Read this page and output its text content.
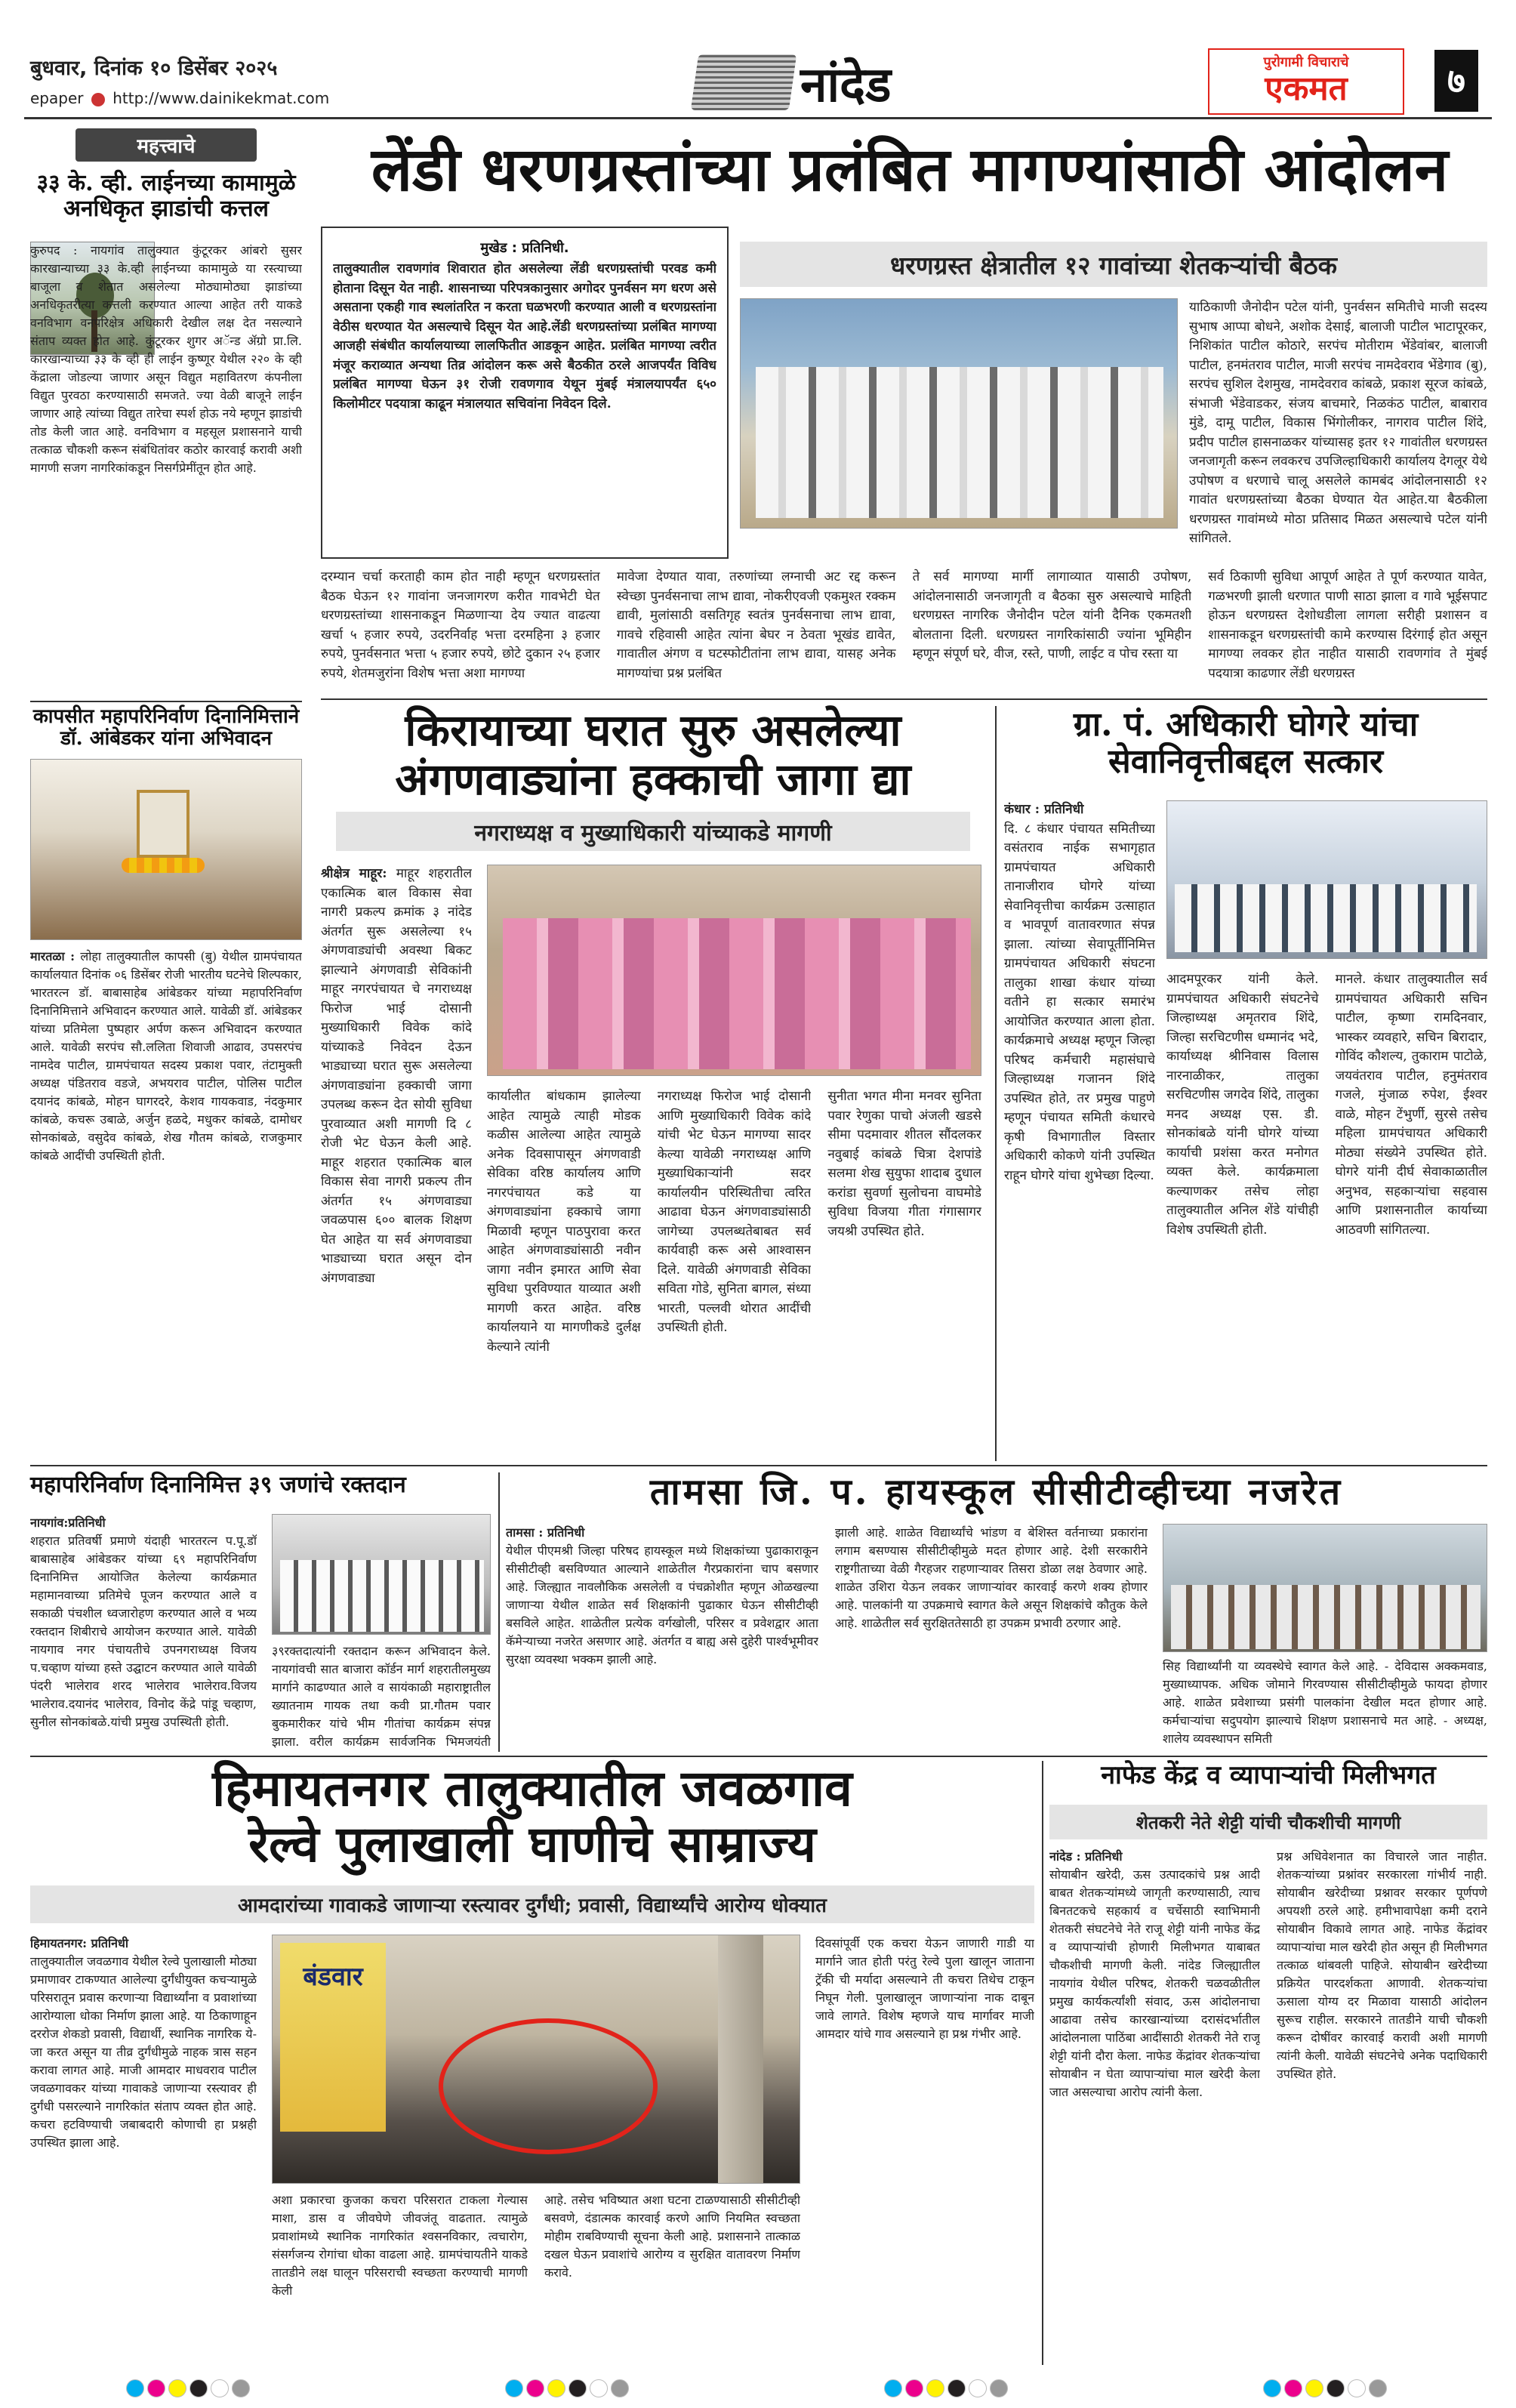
बुधवार, दिनांक १० डिसेंबर २०२५
epaper http://www.dainikekmat.com	नांदेड	पुरोगामी विचाराचे
एकमत	७
महत्त्वाचे
३३ के. व्ही. लाईनच्या कामामुळे अनधिकृत झाडांची कत्तल
कुरुपद : नायगांव तालुक्यात कुंटूरकर आंबरो सुसर कारखान्याच्या ३३ के.व्ही लाईनच्या कामामुळे या रस्त्याच्या बाजूला व शेतात असलेल्या मोठ्यामोठ्या झाडांच्या अनधिकृतरीत्या कत्तली करण्यात आल्या आहेत तरी याकडे वनविभाग वनपरिक्षेत्र अधिकारी देखील लक्ष देत नसल्याने संताप व्यक्त होत आहे. कुंटूरकर शुगर अॅन्ड ॲग्रो प्रा.लि. कारखान्याच्या ३३ के व्ही ही लाईन कुष्णूर येथील २२० के व्ही केंद्राला जोडल्या जाणार असून विद्युत महावितरण कंपनीला विद्युत पुरवठा करण्यासाठी समजते. ज्या वेळी बाजूने लाईन जाणार आहे त्यांच्या विद्युत तारेचा स्पर्श होऊ नये म्हणून झाडांची तोड केली जात आहे. वनविभाग व महसूल प्रशासनाने याची तत्काळ चौकशी करून संबंधितांवर कठोर कारवाई करावी अशी मागणी सजग नागरिकांकडून निसर्गप्रेमींतून होत आहे.
कापसीत महापरिनिर्वाण दिनानिमित्ताने डॉ. आंबेडकर यांना अभिवादन
मारतळा : लोहा तालुक्यातील कापसी (बु) येथील ग्रामपंचायत कार्यालयात दिनांक ०६ डिसेंबर रोजी भारतीय घटनेचे शिल्पकार, भारतरत्न डॉ. बाबासाहेब आंबेडकर यांच्या महापरिनिर्वाण दिनानिमित्ताने अभिवादन करण्यात आले. यावेळी डॉ. आंबेडकर यांच्या प्रतिमेला पुष्पहार अर्पण करून अभिवादन करण्यात आले. यावेळी सरपंच सौ.ललिता शिवाजी आढाव, उपसरपंच नामदेव पाटील, ग्रामपंचायत सदस्य प्रकाश पवार, तंटामुक्ती अध्यक्ष पंडितराव वडजे, अभयराव पाटील, पोलिस पाटील दयानंद कांबळे, मोहन घागरदरे, केशव गायकवाड, नंदकुमार कांबळे, कचरू उबाळे, अर्जुन हळदे, मधुकर कांबळे, दामोधर सोनकांबळे, वसुदेव कांबळे, शेख गौतम कांबळे, राजकुमार कांबळे आदींची उपस्थिती होती.
लेंडी धरणग्रस्तांच्या प्रलंबित मागण्यांसाठी आंदोलन
मुखेड : प्रतिनिधी.
तालुक्यातील रावणगांव शिवारात होत असलेल्या लेंडी धरणग्रस्तांची परवड कमी होताना दिसून येत नाही. शासनाच्या परिपत्रकानुसार अगोदर पुनर्वसन मग धरण असे असताना एकही गाव स्थलांतरित न करता घळभरणी करण्यात आली व धरणग्रस्तांना वेठीस धरण्यात येत असल्याचे दिसून येत आहे.लेंडी धरणग्रस्तांच्या प्रलंबित मागण्या आजही संबंधीत कार्यालयाच्या लालफितीत आडकून आहेत. प्रलंबित मागण्या त्वरीत मंजूर कराव्यात अन्यथा तिव्र आंदोलन करू असे बैठकीत ठरले आजपर्यंत विविध प्रलंबित मागण्या घेऊन ३१ रोजी रावणगाव येथून मुंबई मंत्रालयापर्यंत ६५० किलोमीटर पदयात्रा काढून मंत्रालयात सचिवांना निवेदन दिले.
धरणग्रस्त क्षेत्रातील १२ गावांच्या शेतकऱ्यांची बैठक
याठिकाणी जैनोदीन पटेल यांनी, पुनर्वसन समितीचे माजी सदस्य सुभाष आप्पा बोधने, अशोक देसाई, बालाजी पाटील भाटापूरकर, निशिकांत पाटील कोठारे, सरपंच मोतीराम भेंडेवांबर, बालाजी पाटील, हनमंतराव पाटील, माजी सरपंच नामदेवराव भेंडेगाव (बु), सरपंच सुशिल देशमुख, नामदेवराव कांबळे, प्रकाश सूरज कांबळे, संभाजी भेंडेवाडकर, संजय बाचमारे, निळकंठ पाटील, बाबाराव मुंडे, दामू पाटील, विकास भिंगोलीकर, नागराव पाटील शिंदे, प्रदीप पाटील हासनाळकर यांच्यासह इतर १२ गावांतील धरणग्रस्त जनजागृती करून लवकरच उपजिल्हाधिकारी कार्यालय देगलूर येथे उपोषण व धरणाचे चालू असलेले कामबंद आंदोलनासाठी १२ गावांत धरणग्रस्तांच्या बैठका घेण्यात येत आहेत.या बैठकीला धरणग्रस्त गावांमध्ये मोठा प्रतिसाद मिळत असल्याचे पटेल यांनी सांगितले.
दरम्यान चर्चा करताही काम होत नाही म्हणून धरणग्रस्तांत बैठक घेऊन १२ गावांना जनजागरण करीत गावभेटी घेत धरणग्रस्तांच्या शासनाकडून मिळणाऱ्या देय ज्यात वाढत्या खर्चा ५ हजार रुपये, उदरनिर्वाह भत्ता दरमहिना ३ हजार रुपये, पुनर्वसनात भत्ता ५ हजार रुपये, छोटे दुकान २५ हजार रुपये, शेतमजुरांना विशेष भत्ता अशा मागण्या
मावेजा देण्यात यावा, तरुणांच्या लग्नाची अट रद्द करून स्वेच्छा पुनर्वसनाचा लाभ द्यावा, नोकरीएवजी एकमुश्त रक्कम द्यावी, मुलांसाठी वसतिगृह स्वतंत्र पुनर्वसनाचा लाभ द्यावा, गावचे रहिवासी आहेत त्यांना बेघर न ठेवता भूखंड द्यावेत, गावातील अंगण व घटस्फोटीतांना लाभ द्यावा, यासह अनेक मागण्यांचा प्रश्न प्रलंबित
ते सर्व मागण्या मार्गी लागाव्यात यासाठी उपोषण, आंदोलनासाठी जनजागृती व बैठका सुरु असल्याचे माहिती धरणग्रस्त नागरिक जैनोदीन पटेल यांनी दैनिक एकमतशी बोलताना दिली. धरणग्रस्त नागरिकांसाठी ज्यांना भूमिहीन म्हणून संपूर्ण घरे, वीज, रस्ते, पाणी, लाईट व पोच रस्ता या
सर्व ठिकाणी सुविधा आपूर्ण आहेत ते पूर्ण करण्यात यावेत, गळभरणी झाली धरणात पाणी साठा झाला व गावे भूईसपाट होऊन धरणग्रस्त देशोधडीला लागला सरीही प्रशासन व शासनाकडून धरणग्रस्तांची कामे करण्यास दिरंगाई होत असून मागण्या लवकर होत नाहीत यासाठी रावणगांव ते मुंबई पदयात्रा काढणार लेंडी धरणग्रस्त
किरायाच्या घरात सुरु असलेल्या
अंगणवाड्यांना हक्काची जागा द्या
नगराध्यक्ष व मुख्याधिकारी यांच्याकडे मागणी
श्रीक्षेत्र माहूर: माहूर शहरातील एकात्मिक बाल विकास सेवा नागरी प्रकल्प क्रमांक ३ नांदेड अंतर्गत सुरू असलेल्या १५ अंगणवाड्यांची अवस्था बिकट झाल्याने अंगणवाडी सेविकांनी माहूर नगरपंचायत चे नगराध्यक्ष फिरोज भाई दोसानी मुख्याधिकारी विवेक कांदे यांच्याकडे निवेदन देऊन भाड्याच्या घरात सुरू असलेल्या अंगणवाड्यांना हक्काची जागा उपलब्ध करून देत सोयी सुविधा पुरवाव्यात अशी मागणी दि ८ रोजी भेट घेऊन केली आहे. माहूर शहरात एकात्मिक बाल विकास सेवा नागरी प्रकल्प तीन अंतर्गत १५ अंगणवाड्या जवळपास ६०० बालक शिक्षण घेत आहेत या सर्व अंगणवाड्या भाड्याच्या घरात असून दोन अंगणवाड्या
कार्यालीत बांधकाम झालेल्या आहेत त्यामुळे त्याही मोडक कळीस आलेल्या आहेत त्यामुळे अनेक दिवसापासून अंगणवाडी सेविका वरिष्ठ कार्यालय आणि नगरपंचायत कडे या अंगणवाड्यांना हक्काचे जागा मिळावी म्हणून पाठपुरावा करत आहेत अंगणवाड्यांसाठी नवीन जागा नवीन इमारत आणि सेवा सुविधा पुरविण्यात याव्यात अशी मागणी करत आहेत. वरिष्ठ कार्यालयाने या मागणीकडे दुर्लक्ष केल्याने त्यांनी
नगराध्यक्ष फिरोज भाई दोसानी आणि मुख्याधिकारी विवेक कांदे यांची भेट घेऊन मागण्या सादर केल्या यावेळी नगराध्यक्ष आणि मुख्याधिकाऱ्यांनी सदर कार्यालयीन परिस्थितीचा त्वरित आढावा घेऊन अंगणवाड्यांसाठी जागेच्या उपलब्धतेबाबत सर्व कार्यवाही करू असे आश्वासन दिले. यावेळी अंगणवाडी सेविका सविता गोडे, सुनिता बागल, संध्या भारती, पल्लवी थोरात आदींची उपस्थिती होती.
सुनीता भगत मीना मनवर सुनिता पवार रेणुका पाचो अंजली खडसे सीमा पदमावार शीतल सौंदलकर नवुबाई कांबळे चित्रा देशपांडे सलमा शेख सुयुफा शादाब दुधाल करांडा सुवर्णा सुलोचना वाघमोडे सुविधा विजया गीता गंगासागर जयश्री उपस्थित होते.
ग्रा. पं. अधिकारी घोगरे यांचा
सेवानिवृत्तीबद्दल सत्कार
कंधार : प्रतिनिधी
दि. ८ कंधार पंचायत समितीच्या वसंतराव नाईक सभागृहात ग्रामपंचायत अधिकारी तानाजीराव घोगरे यांच्या सेवानिवृत्तीचा कार्यक्रम उत्साहात व भावपूर्ण वातावरणात संपन्न झाला. त्यांच्या सेवापूर्तीनिमित्त ग्रामपंचायत अधिकारी संघटना तालुका शाखा कंधार यांच्या वतीने हा सत्कार समारंभ आयोजित करण्यात आला होता. कार्यक्रमाचे अध्यक्ष म्हणून जिल्हा परिषद कर्मचारी महासंघाचे जिल्हाध्यक्ष गजानन शिंदे उपस्थित होते, तर प्रमुख पाहुणे म्हणून पंचायत समिती कंधारचे कृषी विभागातील विस्तार अधिकारी कोकणे यांनी उपस्थित राहून घोगरे यांचा शुभेच्छा दिल्या.
आदमपूरकर यांनी केले. ग्रामपंचायत अधिकारी संघटनेचे जिल्हाध्यक्ष अमृतराव शिंदे, जिल्हा सरचिटणीस धम्मानंद भदे, कार्याध्यक्ष श्रीनिवास विलास नारनाळीकर, तालुका सरचिटणीस जगदेव शिंदे, तालुका मनद अध्यक्ष एस. डी. सोनकांबळे यांनी घोगरे यांच्या कार्याची प्रशंसा करत मनोगत व्यक्त केले. कार्यक्रमाला कल्याणकर तसेच लोहा तालुक्यातील अनिल शेंडे यांचीही विशेष उपस्थिती होती.
मानले. कंधार तालुक्यातील सर्व ग्रामपंचायत अधिकारी सचिन पाटील, कृष्णा रामदिनवार, भास्कर व्यवहारे, सचिन बिरादार, गोविंद कौशल्य, तुकाराम पाटोळे, जयवंतराव पाटील, हनुमंतराव गजले, मुंजाळ रुपेश, ईश्वर वाळे, मोहन टेंभुर्णी, सुरसे तसेच महिला ग्रामपंचायत अधिकारी मोठ्या संख्येने उपस्थित होते. घोगरे यांनी दीर्घ सेवाकाळातील अनुभव, सहकाऱ्यांचा सहवास आणि प्रशासनातील कार्याच्या आठवणी सांगितल्या.
महापरिनिर्वाण दिनानिमित्त ३९ जणांचे रक्तदान
नायगांव:प्रतिनिधी
शहरात प्रतिवर्षी प्रमाणे यंदाही भारतरत्न प.पू.डॉ बाबासाहेब आंबेडकर यांच्या ६९ महापरिनिर्वाण दिनानिमित्त आयोजित केलेल्या कार्यक्रमात महामानवाच्या प्रतिमेचे पूजन करण्यात आले व सकाळी पंचशील ध्वजारोहण करण्यात आले व भव्य रक्तदान शिबीराचे आयोजन करण्यात आले. यावेळी नायगाव नगर पंचायतीचे उपनगराध्यक्ष विजय प.चव्हाण यांच्या हस्ते उद्घाटन करण्यात आले यावेळी पंदरी भालेराव शरद भालेराव भालेराव.विजय भालेराव.दयानंद भालेराव, विनोद केंद्रे पांडू चव्हाण, सुनील सोनकांबळे.यांची प्रमुख उपस्थिती होती.
३९रक्तदात्यांनी रक्तदान करून अभिवादन केले. नायगांवची सात बाजारा कॉर्डन मार्ग शहरातीलमुख्य मार्गाने काढण्यात आले व सायंकाळी महाराष्ट्रातील ख्यातनाम गायक तथा कवी प्रा.गौतम पवार बुकमारीकर यांचे भीम गीतांचा कार्यक्रम संपन्न झाला. वरील कार्यक्रम सार्वजनिक भिमजयंती
तामसा जि. प. हायस्कूल सीसीटीव्हीच्या नजरेत
तामसा : प्रतिनिधी
येथील पीएमश्री जिल्हा परिषद हायस्कूल मध्ये शिक्षकांच्या पुढाकाराकून सीसीटीव्ही बसविण्यात आल्याने शाळेतील गैरप्रकारांना चाप बसणार आहे. जिल्ह्यात नावलौकिक असलेली व पंचक्रोशीत म्हणून ओळखल्या जाणाऱ्या येथील शाळेत सर्व शिक्षकांनी पुढाकार घेऊन सीसीटीव्ही बसविले आहेत. शाळेतील प्रत्येक वर्गखोली, परिसर व प्रवेशद्वार आता कॅमेऱ्याच्या नजरेत असणार आहे. अंतर्गत व बाह्य असे दुहेरी पार्श्वभूमीवर सुरक्षा व्यवस्था भक्कम झाली आहे.
झाली आहे. शाळेत विद्यार्थ्यांचे भांडण व बेशिस्त वर्तनाच्या प्रकारांना लगाम बसण्यास सीसीटीव्हीमुळे मदत होणार आहे. देशी सरकारीने राष्ट्रगीताच्या वेळी गैरहजर राहणाऱ्यावर तिसरा डोळा लक्ष ठेवणार आहे. शाळेत उशिरा येऊन लवकर जाणाऱ्यांवर कारवाई करणे शक्य होणार आहे. पालकांनी या उपक्रमाचे स्वागत केले असून शिक्षकांचे कौतुक केले आहे. शाळेतील सर्व सुरक्षिततेसाठी हा उपक्रम प्रभावी ठरणार आहे.
सिह विद्यार्थ्यांनी या व्यवस्थेचे स्वागत केले आहे. - देविदास अक्कमवाड, मुख्याध्यापक. अधिक जोमाने गिरवण्यास सीसीटीव्हीमुळे फायदा होणार आहे. शाळेत प्रवेशाच्या प्रसंगी पालकांना देखील मदत होणार आहे. कर्मचाऱ्यांचा सदुपयोग झाल्याचे शिक्षण प्रशासनाचे मत आहे. - अध्यक्ष, शालेय व्यवस्थापन समिती
हिमायतनगर तालुक्यातील जवळगाव
रेल्वे पुलाखाली घाणीचे साम्राज्य
आमदारांच्या गावाकडे जाणाऱ्या रस्त्यावर दुर्गंधी; प्रवासी, विद्यार्थ्यांचे आरोग्य धोक्यात
हिमायतनगर: प्रतिनिधी
तालुक्यातील जवळगाव येथील रेल्वे पुलाखाली मोठ्या प्रमाणावर टाकण्यात आलेल्या दुर्गंधीयुक्त कचऱ्यामुळे परिसरातून प्रवास करणाऱ्या विद्यार्थ्यांना व प्रवाशांच्या आरोग्याला धोका निर्माण झाला आहे. या ठिकाणाहून दररोज शेकडो प्रवासी, विद्यार्थी, स्थानिक नागरिक ये-जा करत असून या तीव्र दुर्गंधीमुळे नाहक त्रास सहन करावा लागत आहे. माजी आमदार माधवराव पाटील जवळगावकर यांच्या गावाकडे जाणाऱ्या रस्त्यावर ही दुर्गंधी पसरल्याने नागरिकांत संताप व्यक्त होत आहे. कचरा हटविण्याची जबाबदारी कोणाची हा प्रश्नही उपस्थित झाला आहे.
बंडवार
अशा प्रकारचा कुजका कचरा परिसरात टाकला गेल्यास माशा, डास व जीवघेणे जीवजंतू वाढतात. त्यामुळे प्रवाशांमध्ये स्थानिक नागरिकांत श्वसनविकार, त्वचारोग, संसर्गजन्य रोगांचा धोका वाढला आहे. ग्रामपंचायतीने याकडे तातडीने लक्ष घालून परिसराची स्वच्छता करण्याची मागणी केली
आहे. तसेच भविष्यात अशा घटना टाळण्यासाठी सीसीटीव्ही बसवणे, दंडात्मक कारवाई करणे आणि नियमित स्वच्छता मोहीम राबविण्याची सूचना केली आहे. प्रशासनाने तात्काळ दखल घेऊन प्रवाशांचे आरोग्य व सुरक्षित वातावरण निर्माण करावे.
दिवसांपूर्वी एक कचरा येऊन जाणारी गाडी या मार्गाने जात होती परंतु रेल्वे पुला खालून जाताना ट्रॅकी ची मर्यादा असल्याने ती कचरा तिथेच टाकून निघून गेली. पुलाखालून जाणाऱ्यांना नाक दाबून जावे लागते. विशेष म्हणजे याच मार्गावर माजी आमदार यांचे गाव असल्याने हा प्रश्न गंभीर आहे.
नाफेड केंद्र व व्यापाऱ्यांची मिलीभगत
शेतकरी नेते शेट्टी यांची चौकशीची मागणी
नांदेड : प्रतिनिधी
सोयाबीन खरेदी, ऊस उत्पादकांचे प्रश्न आदी बाबत शेतकऱ्यांमध्ये जागृती करण्यासाठी, त्याच बिनतटकचे सहकार्य व चर्चेसाठी स्वाभिमानी शेतकरी संघटनेचे नेते राजू शेट्टी यांनी नाफेड केंद्र व व्यापाऱ्यांची होणारी मिलीभगत याबाबत चौकशीची मागणी केली. नांदेड जिल्ह्यातील नायगांव येथील परिषद, शेतकरी चळवळीतील प्रमुख कार्यकर्त्यांशी संवाद, ऊस आंदोलनाचा आढावा तसेच कारखान्यांच्या दरासंदर्भातील आंदोलनाला पाठिंबा आदींसाठी शेतकरी नेते राजू शेट्टी यांनी दौरा केला. नाफेड केंद्रांवर शेतकऱ्यांचा सोयाबीन न घेता व्यापाऱ्यांचा माल खरेदी केला जात असल्याचा आरोप त्यांनी केला.
प्रश्न अधिवेशनात का विचारले जात नाहीत. शेतकऱ्यांच्या प्रश्नांवर सरकारला गांभीर्य नाही. सोयाबीन खरेदीच्या प्रश्नावर सरकार पूर्णपणे अपयशी ठरले आहे. हमीभावापेक्षा कमी दराने सोयाबीन विकावे लागत आहे. नाफेड केंद्रांवर व्यापाऱ्यांचा माल खरेदी होत असून ही मिलीभगत तत्काळ थांबवली पाहिजे. सोयाबीन खरेदीच्या प्रक्रियेत पारदर्शकता आणावी. शेतकऱ्यांचा ऊसाला योग्य दर मिळावा यासाठी आंदोलन सुरूच राहील. सरकारने तातडीने याची चौकशी करून दोषींवर कारवाई करावी अशी मागणी त्यांनी केली. यावेळी संघटनेचे अनेक पदाधिकारी उपस्थित होते.
